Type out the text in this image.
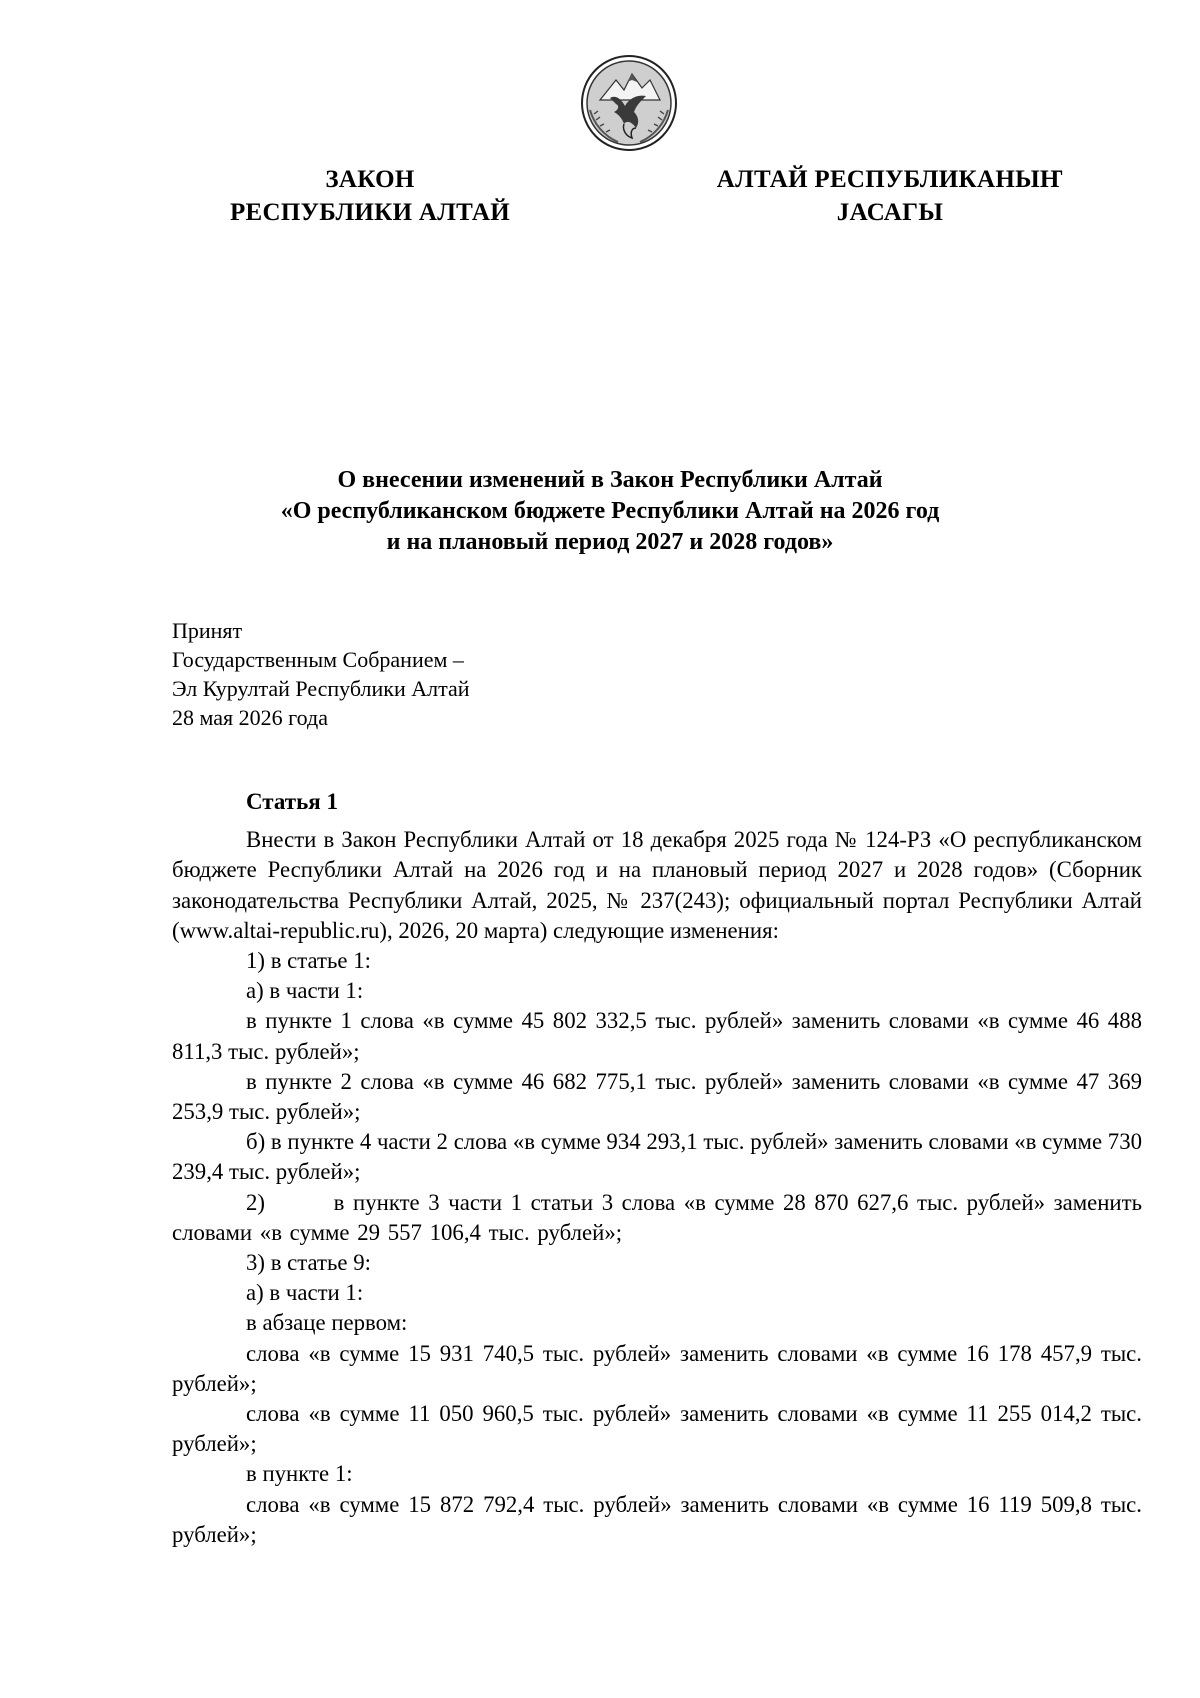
ЗАКОН
РЕСПУБЛИКИ АЛТАЙ
АЛТАЙ РЕСПУБЛИКАНЫҤ
ЈАСАГЫ
О внесении изменений в Закон Республики Алтай
«О республиканском бюджете Республики Алтай на 2026 год
и на плановый период 2027 и 2028 годов»
Принят
Государственным Собранием –
Эл Курултай Республики Алтай
28 мая 2026 года
Статья 1

Внести в Закон Республики Алтай от 18 декабря 2025 года № 124-РЗ «О республиканском бюджете Республики Алтай на 2026 год и на плановый период 2027 и 2028 годов» (Сборник законодательства Республики Алтай, 2025, № 237(243); официальный портал Республики Алтай (www.altai-republic.ru), 2026, 20 марта) следующие изменения:

1) в статье 1:

а) в части 1:

в пункте 1 слова «в сумме 45 802 332,5 тыс. рублей» заменить словами «в сумме 46 488 811,3 тыс. рублей»;

в пункте 2 слова «в сумме 46 682 775,1 тыс. рублей» заменить словами «в сумме 47 369 253,9 тыс. рублей»;

б) в пункте 4 части 2 слова «в сумме 934 293,1 тыс. рублей» заменить словами «в сумме 730 239,4 тыс. рублей»;

2)	в пункте 3 части 1 статьи 3 слова «в сумме 28 870 627,6 тыс. рублей» заменить словами «в сумме 29 557 106,4 тыс. рублей»;

3) в статье 9:

а) в части 1:

в абзаце первом:

слова «в сумме 15 931 740,5 тыс. рублей» заменить словами «в сумме 16 178 457,9 тыс. рублей»;

слова «в сумме 11 050 960,5 тыс. рублей» заменить словами «в сумме 11 255 014,2 тыс. рублей»;

в пункте 1:

слова «в сумме 15 872 792,4 тыс. рублей» заменить словами «в сумме 16 119 509,8 тыс. рублей»;
